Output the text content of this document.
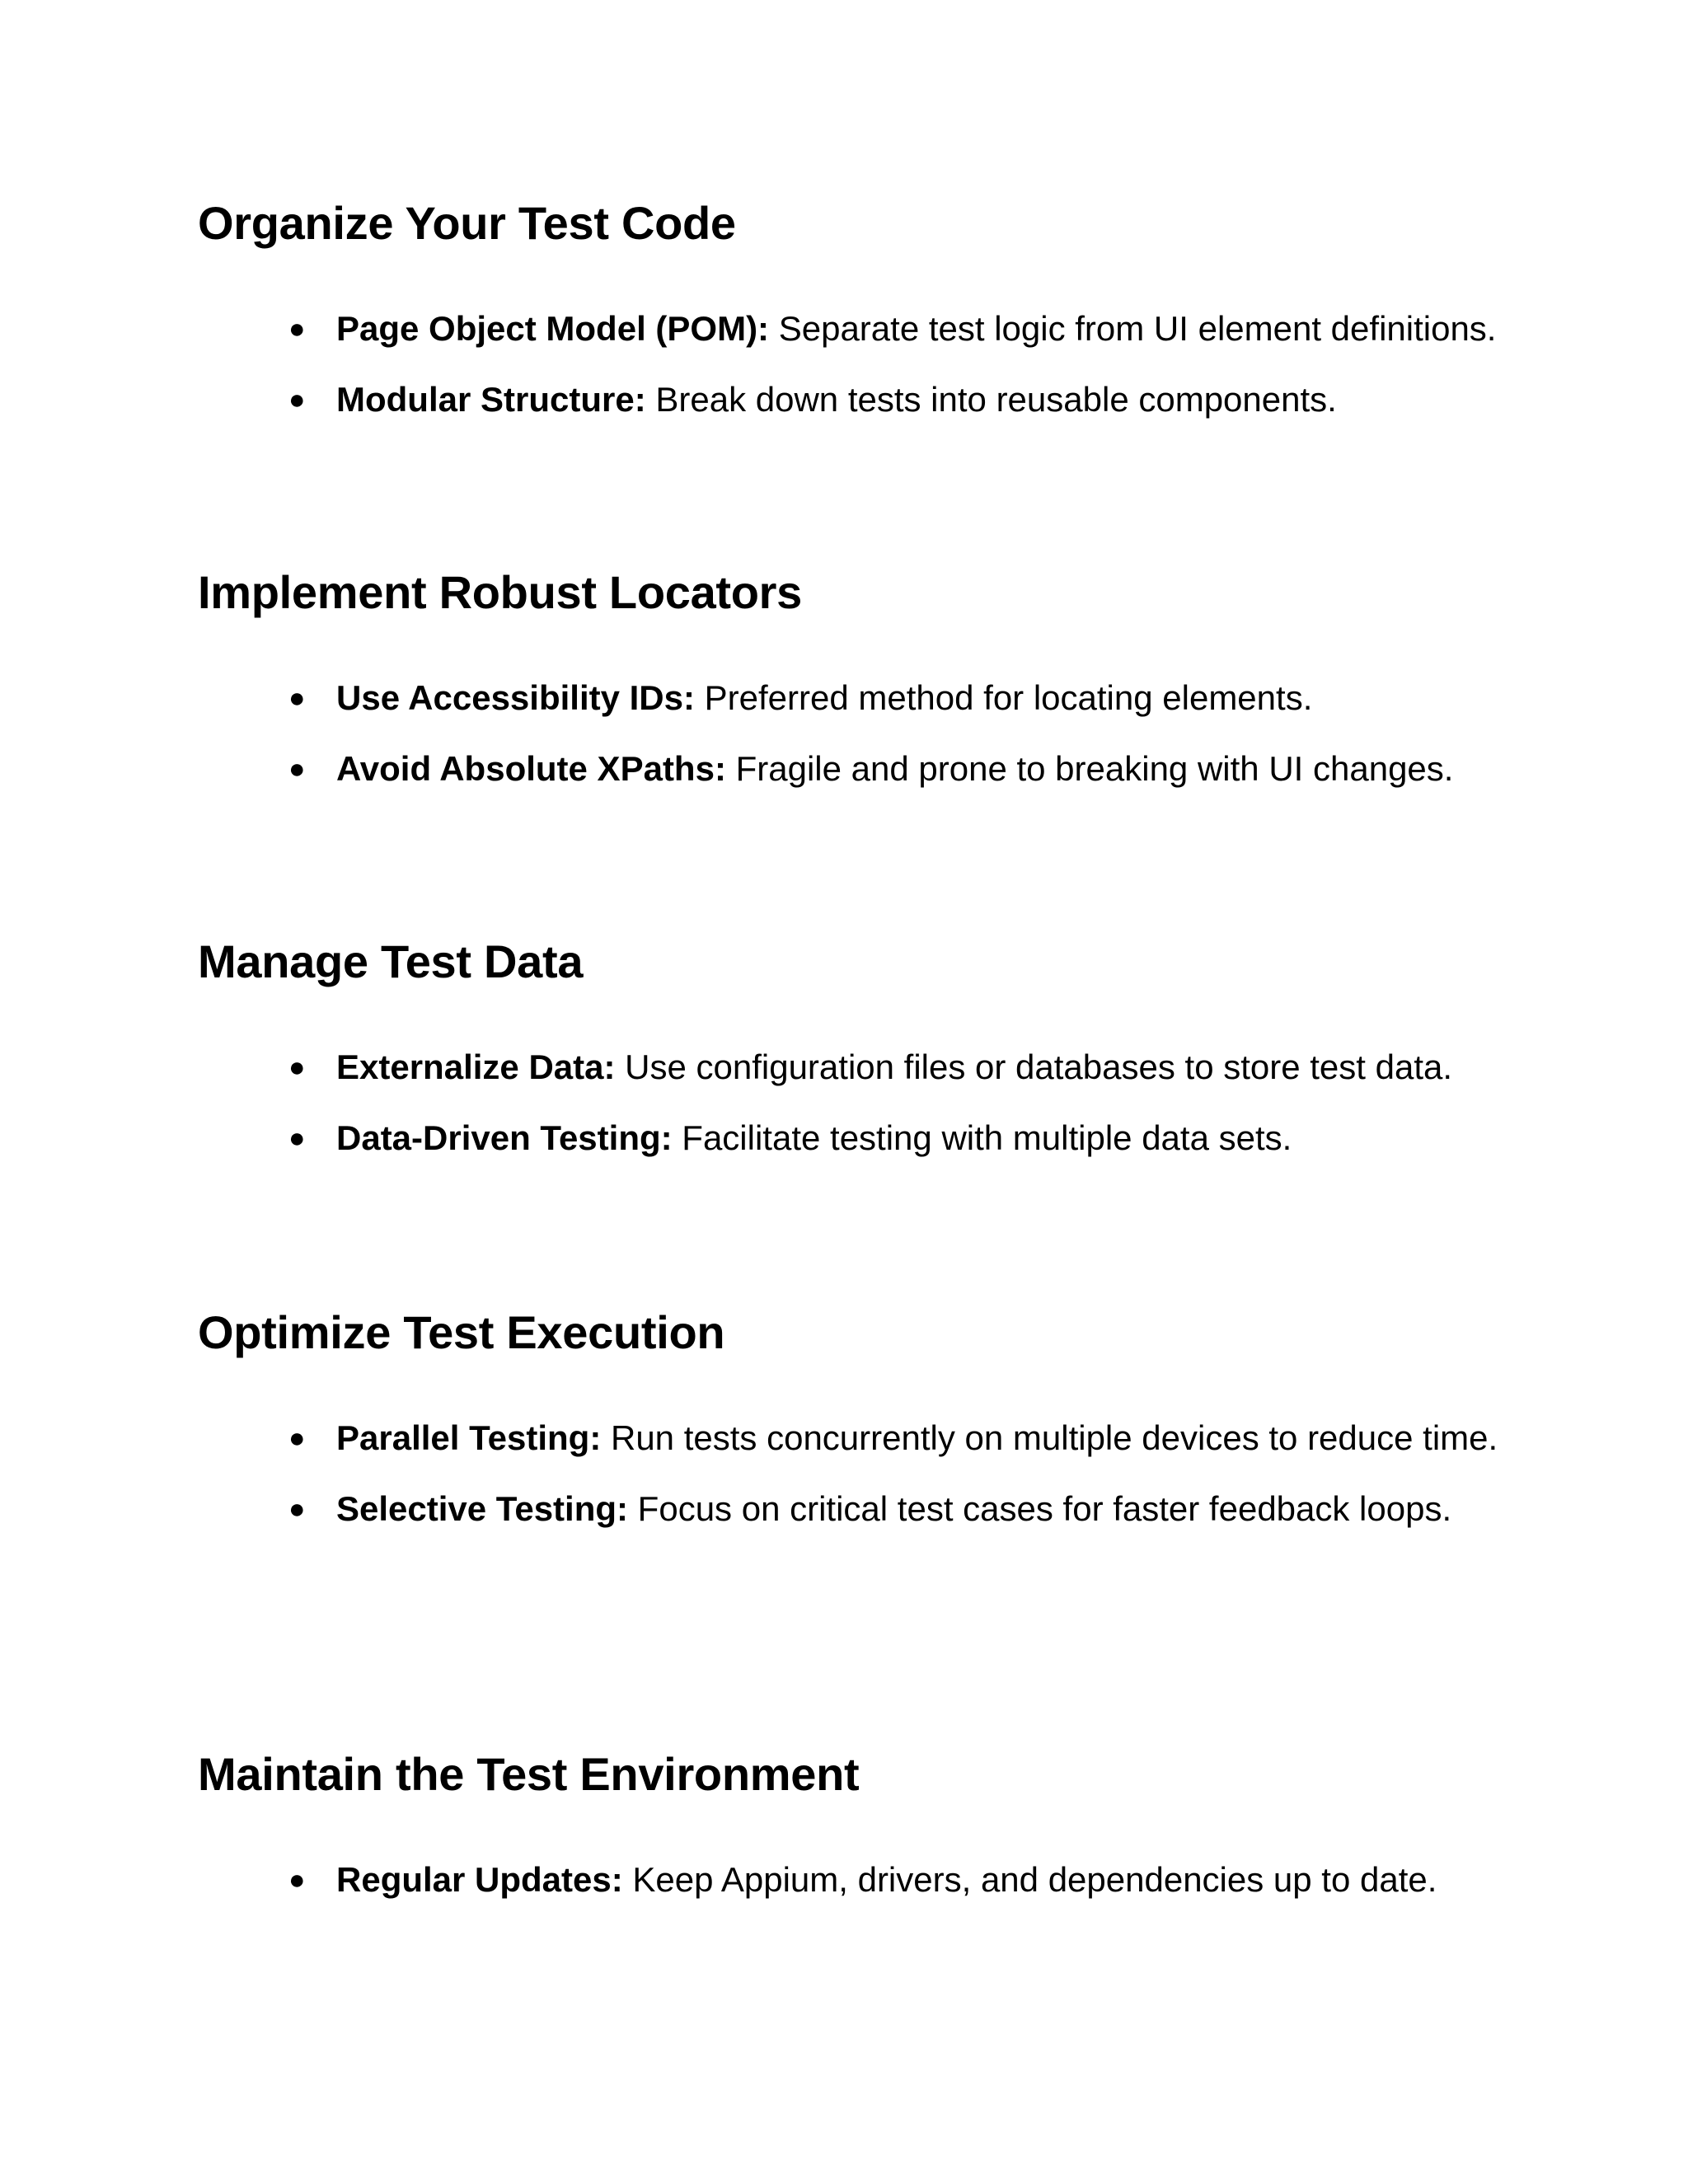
Organize Your Test Code
● Page Object Model (POM): Separate test logic from UI element definitions.
● Modular Structure: Break down tests into reusable components.
Implement Robust Locators
● Use Accessibility IDs: Preferred method for locating elements.
● Avoid Absolute XPaths: Fragile and prone to breaking with UI changes.
Manage Test Data
● Externalize Data: Use configuration files or databases to store test data.
● Data-Driven Testing: Facilitate testing with multiple data sets.
Optimize Test Execution
● Parallel Testing: Run tests concurrently on multiple devices to reduce time.
● Selective Testing: Focus on critical test cases for faster feedback loops.
Maintain the Test Environment
● Regular Updates: Keep Appium, drivers, and dependencies up to date.
